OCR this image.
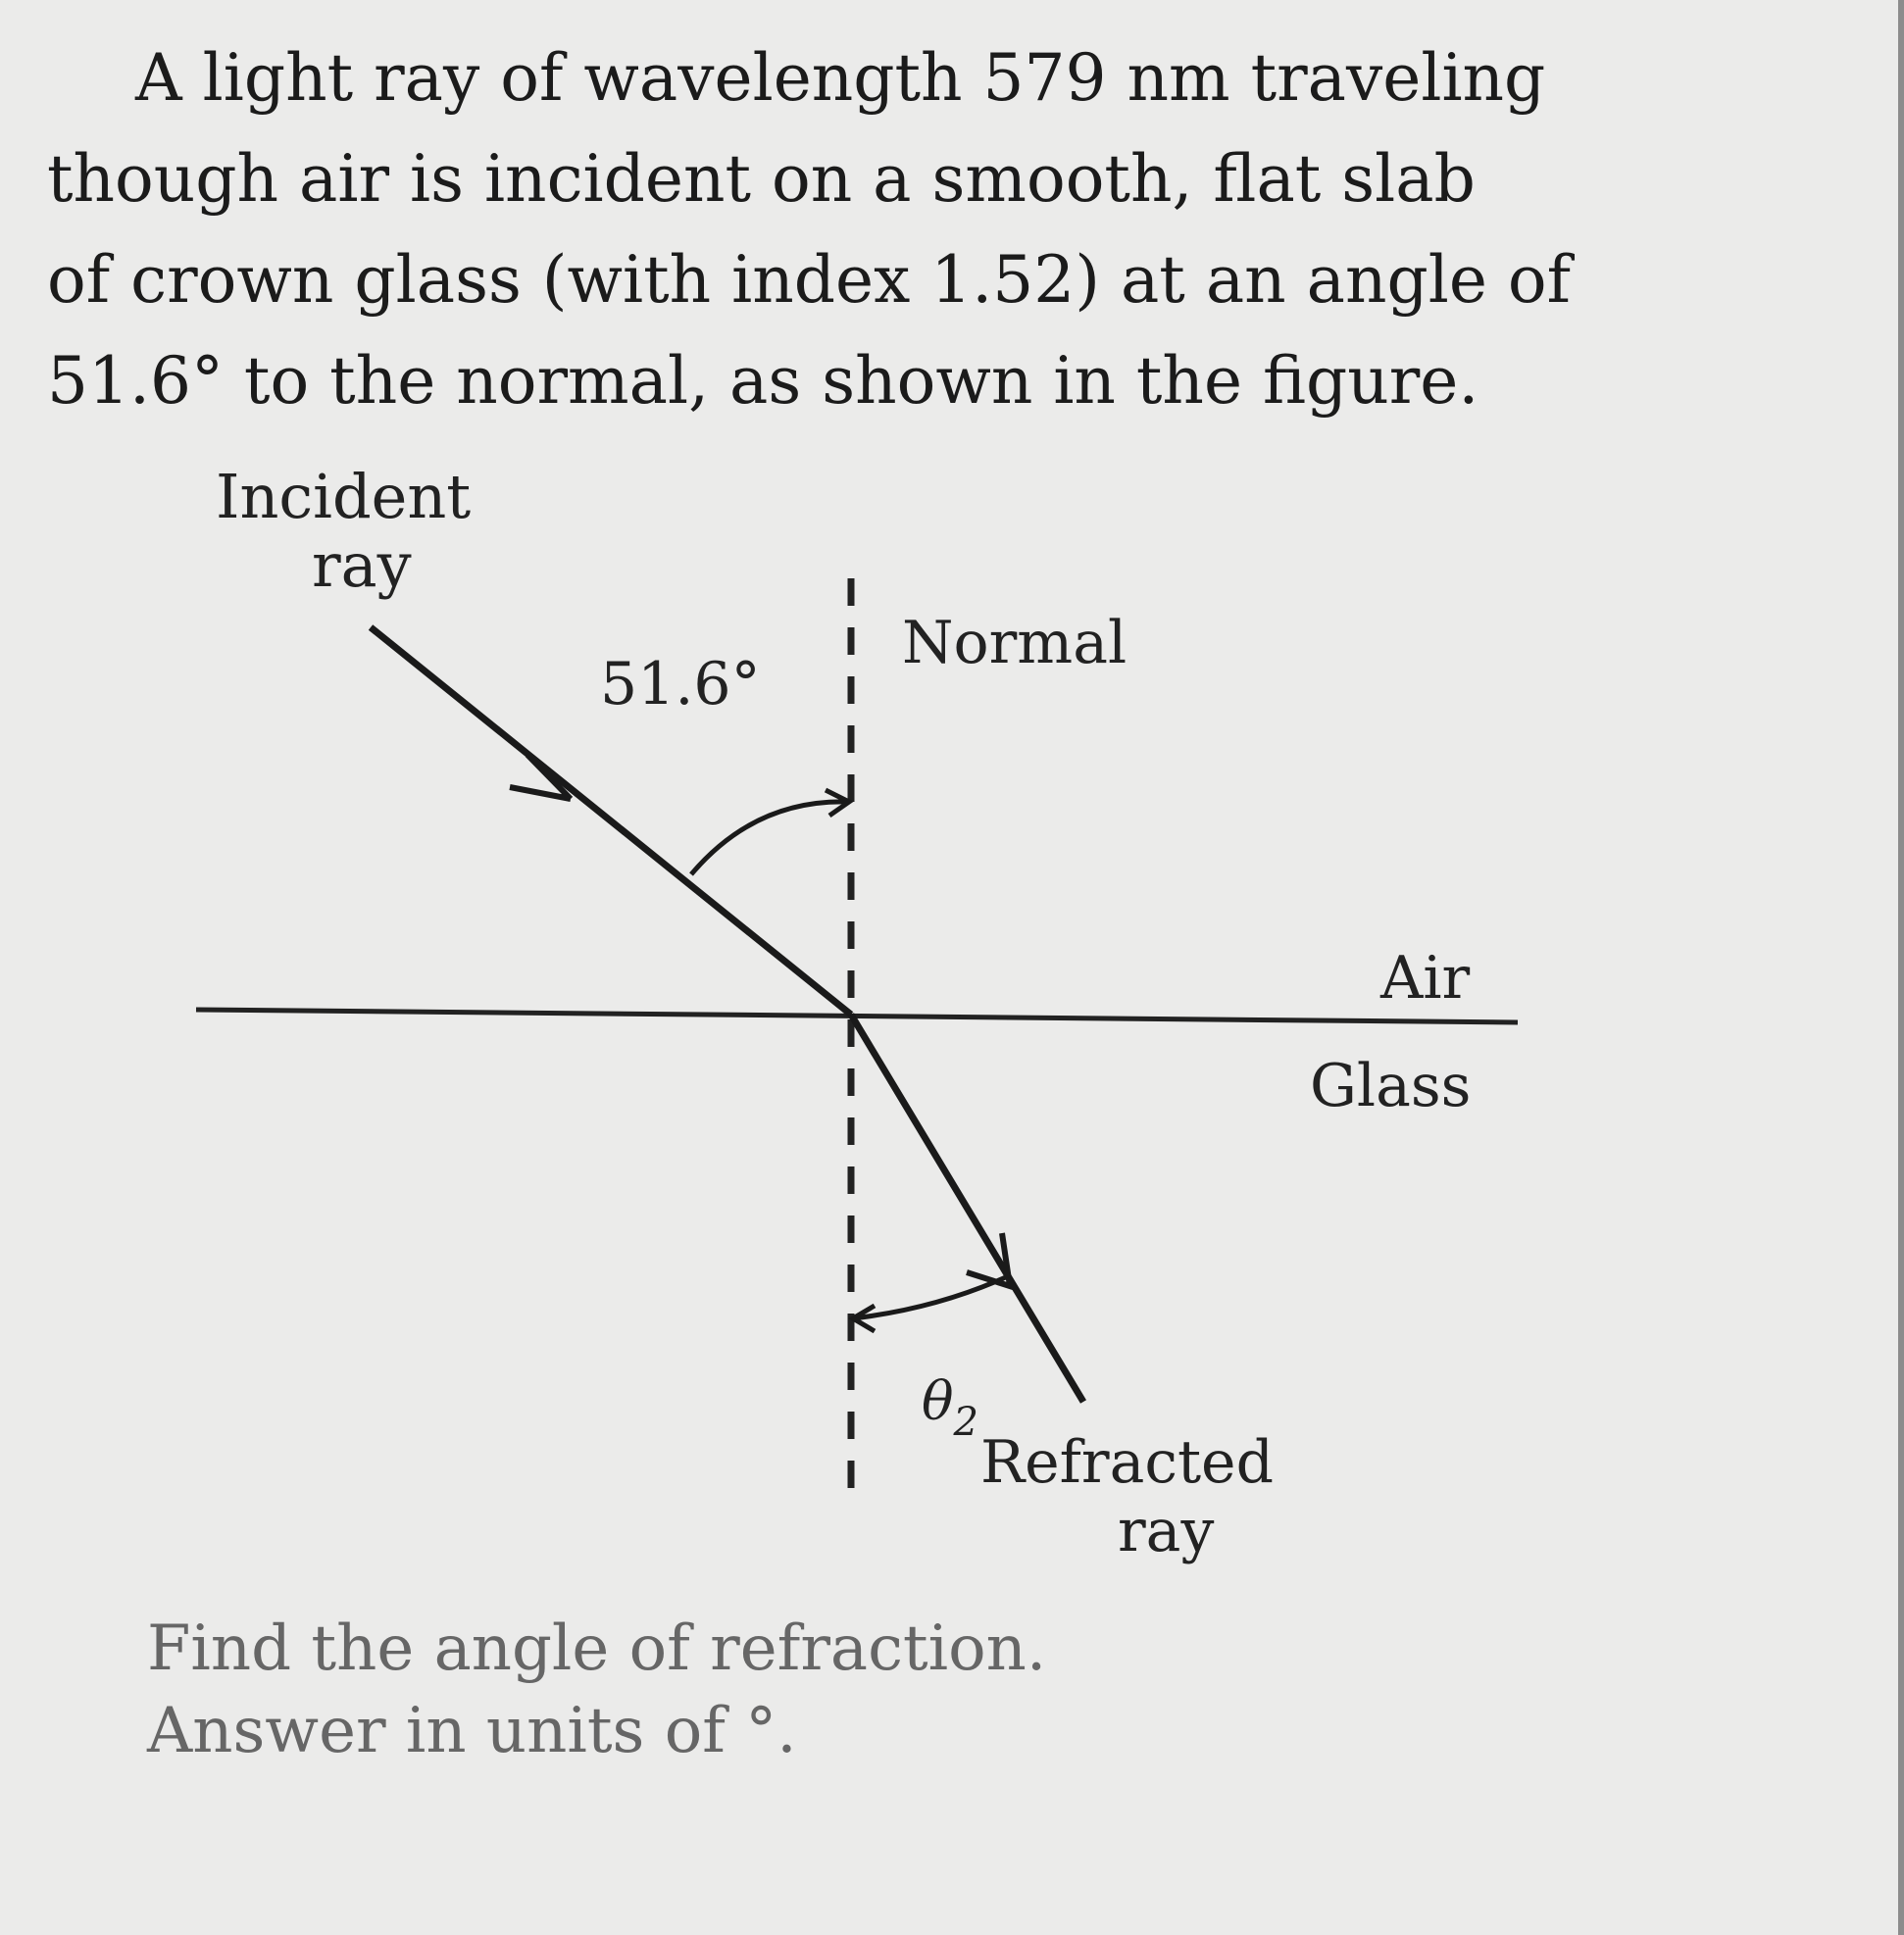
A light ray of wavelength 579 nm traveling
though air is incident on a smooth, flat slab
of crown glass (with index 1.52) at an angle of
51.6° to the normal, as shown in the figure.
Incident
ray
51.6°
Normal
Air
Glass
$\theta_2$
Refracted
ray
Find the angle of refraction.
Answer in units of °.
